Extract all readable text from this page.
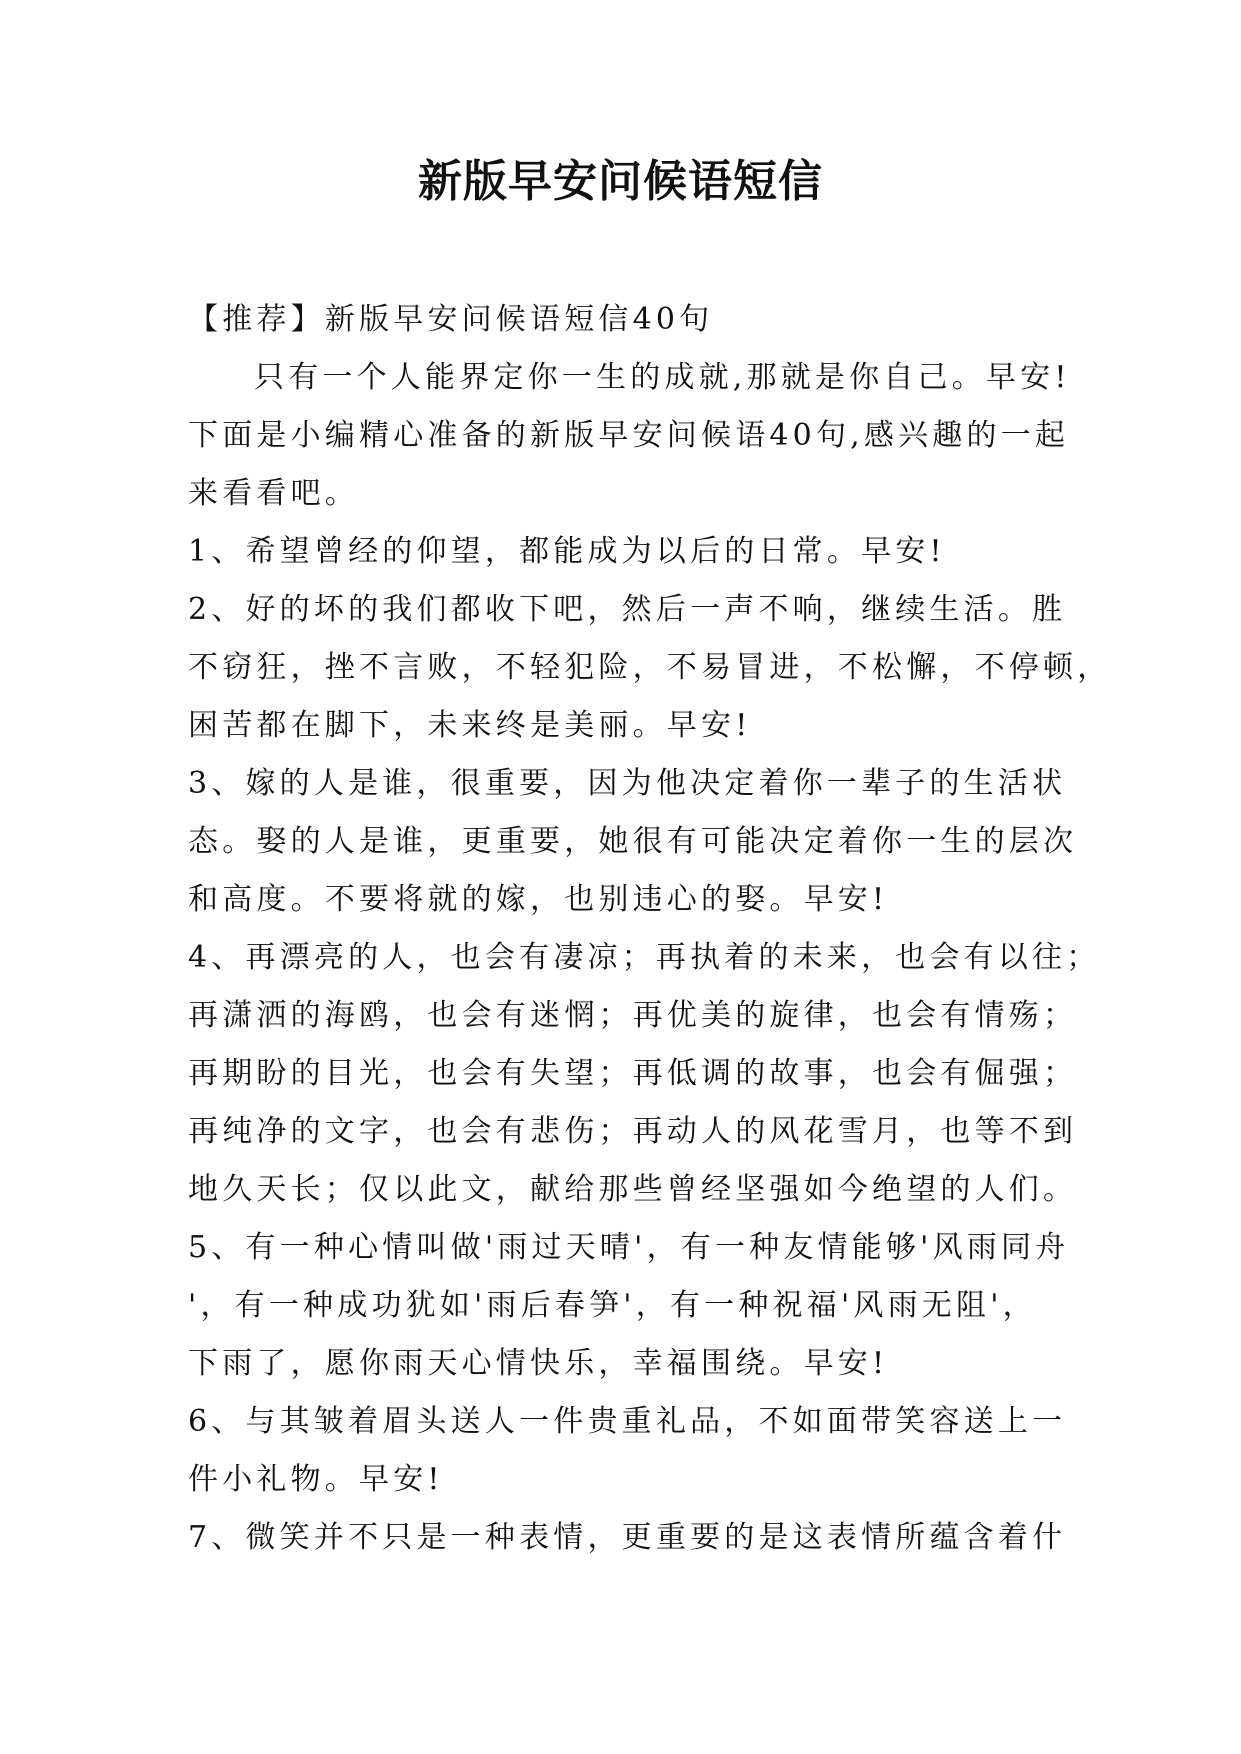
新版早安问候语短信

【推荐】新版早安问候语短信40句

只有一个人能界定你一生的成就,那就是你自己。早安!

下面是小编精心准备的新版早安问候语40句,感兴趣的一起

来看看吧。

1、希望曾经的仰望，都能成为以后的日常。早安!

2、好的坏的我们都收下吧，然后一声不响，继续生活。胜

不窃狂，挫不言败，不轻犯险，不易冒进，不松懈，不停顿，

困苦都在脚下，未来终是美丽。早安!

3、嫁的人是谁，很重要，因为他决定着你一辈子的生活状

态。娶的人是谁，更重要，她很有可能决定着你一生的层次

和高度。不要将就的嫁，也别违心的娶。早安!

4、再漂亮的人，也会有凄凉；再执着的未来，也会有以往；

再潇洒的海鸥，也会有迷惘；再优美的旋律，也会有情殇；

再期盼的目光，也会有失望；再低调的故事，也会有倔强；

再纯净的文字，也会有悲伤；再动人的风花雪月，也等不到

地久天长；仅以此文，献给那些曾经坚强如今绝望的人们。

5、有一种心情叫做'雨过天晴'，有一种友情能够'风雨同舟

'，有一种成功犹如'雨后春笋'，有一种祝福'风雨无阻'，

下雨了，愿你雨天心情快乐，幸福围绕。早安!

6、与其皱着眉头送人一件贵重礼品，不如面带笑容送上一

件小礼物。早安!

7、微笑并不只是一种表情，更重要的是这表情所蕴含着什
